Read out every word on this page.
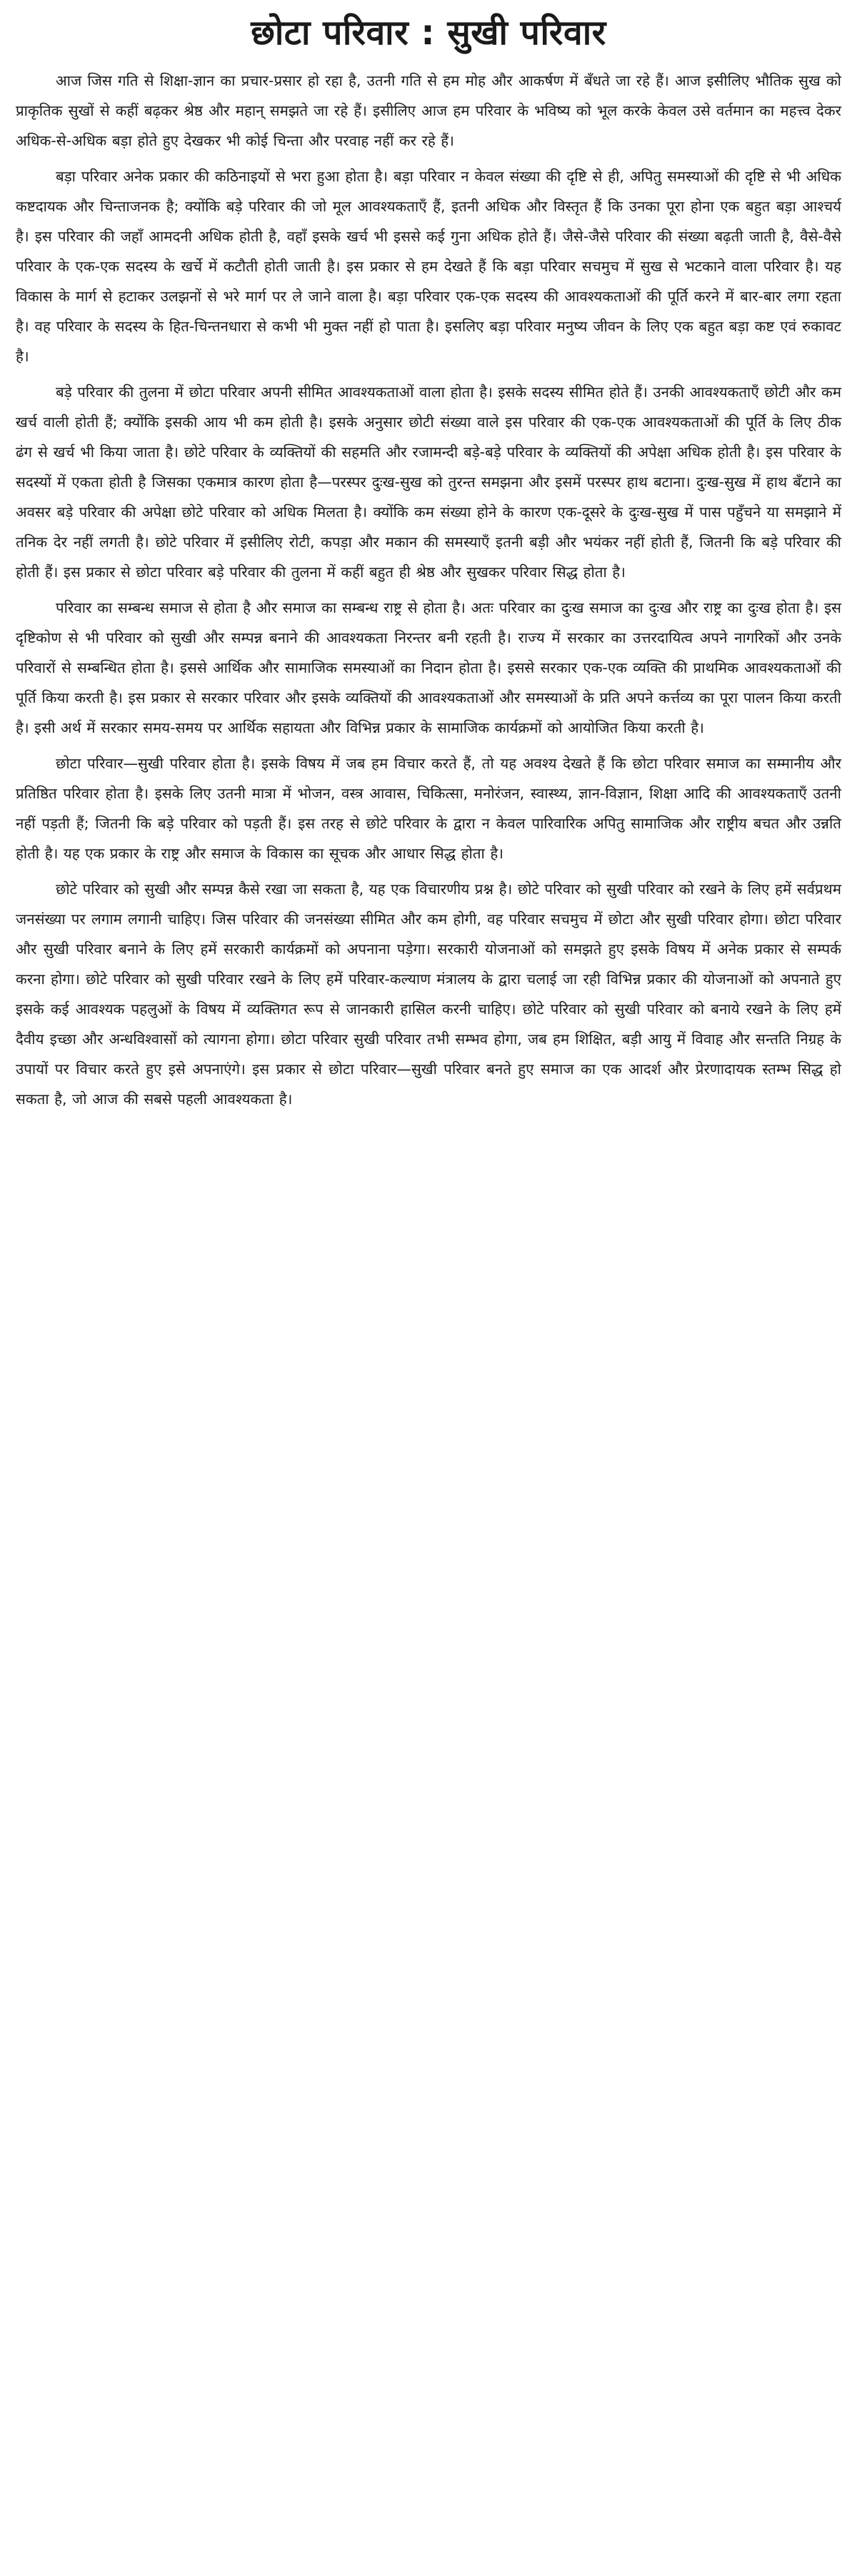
छोटा परिवार : सुखी परिवार

आज जिस गति से शिक्षा-ज्ञान का प्रचार-प्रसार हो रहा है, उतनी गति से हम मोह और आकर्षण में बँधते जा रहे हैं। आज इसीलिए भौतिक सुख को प्राकृतिक सुखों से कहीं बढ़कर श्रेष्ठ और महान् समझते जा रहे हैं। इसीलिए आज हम परिवार के भविष्य को भूल करके केवल उसे वर्तमान का महत्त्व देकर अधिक-से-अधिक बड़ा होते हुए देखकर भी कोई चिन्ता और परवाह नहीं कर रहे हैं।

बड़ा परिवार अनेक प्रकार की कठिनाइयों से भरा हुआ होता है। बड़ा परिवार न केवल संख्या की दृष्टि से ही, अपितु समस्याओं की दृष्टि से भी अधिक कष्टदायक और चिन्ताजनक है; क्योंकि बड़े परिवार की जो मूल आवश्यकताएँ हैं, इतनी अधिक और विस्तृत हैं कि उनका पूरा होना एक बहुत बड़ा आश्चर्य है। इस परिवार की जहाँ आमदनी अधिक होती है, वहाँ इसके खर्च भी इससे कई गुना अधिक होते हैं। जैसे-जैसे परिवार की संख्या बढ़ती जाती है, वैसे-वैसे परिवार के एक-एक सदस्य के खर्चे में कटौती होती जाती है। इस प्रकार से हम देखते हैं कि बड़ा परिवार सचमुच में सुख से भटकाने वाला परिवार है। यह विकास के मार्ग से हटाकर उलझनों से भरे मार्ग पर ले जाने वाला है। बड़ा परिवार एक-एक सदस्य की आवश्यकताओं की पूर्ति करने में बार-बार लगा रहता है। वह परिवार के सदस्य के हित-चिन्तनधारा से कभी भी मुक्त नहीं हो पाता है। इसलिए बड़ा परिवार मनुष्य जीवन के लिए एक बहुत बड़ा कष्ट एवं रुकावट है।

बड़े परिवार की तुलना में छोटा परिवार अपनी सीमित आवश्यकताओं वाला होता है। इसके सदस्य सीमित होते हैं। उनकी आवश्यकताएँ छोटी और कम खर्च वाली होती हैं; क्योंकि इसकी आय भी कम होती है। इसके अनुसार छोटी संख्या वाले इस परिवार की एक-एक आवश्यकताओं की पूर्ति के लिए ठीक ढंग से खर्च भी किया जाता है। छोटे परिवार के व्यक्तियों की सहमति और रजामन्दी बड़े-बड़े परिवार के व्यक्तियों की अपेक्षा अधिक होती है। इस परिवार के सदस्यों में एकता होती है जिसका एकमात्र कारण होता है—परस्पर दुःख-सुख को तुरन्त समझना और इसमें परस्पर हाथ बटाना। दुःख-सुख में हाथ बँटाने का अवसर बड़े परिवार की अपेक्षा छोटे परिवार को अधिक मिलता है। क्योंकि कम संख्या होने के कारण एक-दूसरे के दुःख-सुख में पास पहुँचने या समझाने में तनिक देर नहीं लगती है। छोटे परिवार में इसीलिए रोटी, कपड़ा और मकान की समस्याएँ इतनी बड़ी और भयंकर नहीं होती हैं, जितनी कि बड़े परिवार की होती हैं। इस प्रकार से छोटा परिवार बड़े परिवार की तुलना में कहीं बहुत ही श्रेष्ठ और सुखकर परिवार सिद्ध होता है।

परिवार का सम्बन्ध समाज से होता है और समाज का सम्बन्ध राष्ट्र से होता है। अतः परिवार का दुःख समाज का दुःख और राष्ट्र का दुःख होता है। इस दृष्टिकोण से भी परिवार को सुखी और सम्पन्न बनाने की आवश्यकता निरन्तर बनी रहती है। राज्य में सरकार का उत्तरदायित्व अपने नागरिकों और उनके परिवारों से सम्बन्धित होता है। इससे आर्थिक और सामाजिक समस्याओं का निदान होता है। इससे सरकार एक-एक व्यक्ति की प्राथमिक आवश्यकताओं की पूर्ति किया करती है। इस प्रकार से सरकार परिवार और इसके व्यक्तियों की आवश्यकताओं और समस्याओं के प्रति अपने कर्त्तव्य का पूरा पालन किया करती है। इसी अर्थ में सरकार समय-समय पर आर्थिक सहायता और विभिन्न प्रकार के सामाजिक कार्यक्रमों को आयोजित किया करती है।

छोटा परिवार—सुखी परिवार होता है। इसके विषय में जब हम विचार करते हैं, तो यह अवश्य देखते हैं कि छोटा परिवार समाज का सम्मानीय और प्रतिष्ठित परिवार होता है। इसके लिए उतनी मात्रा में भोजन, वस्त्र आवास, चिकित्सा, मनोरंजन, स्वास्थ्य, ज्ञान-विज्ञान, शिक्षा आदि की आवश्यकताएँ उतनी नहीं पड़ती हैं; जितनी कि बड़े परिवार को पड़ती हैं। इस तरह से छोटे परिवार के द्वारा न केवल पारिवारिक अपितु सामाजिक और राष्ट्रीय बचत और उन्नति होती है। यह एक प्रकार के राष्ट्र और समाज के विकास का सूचक और आधार सिद्ध होता है।

छोटे परिवार को सुखी और सम्पन्न कैसे रखा जा सकता है, यह एक विचारणीय प्रश्न है। छोटे परिवार को सुखी परिवार को रखने के लिए हमें सर्वप्रथम जनसंख्या पर लगाम लगानी चाहिए। जिस परिवार की जनसंख्या सीमित और कम होगी, वह परिवार सचमुच में छोटा और सुखी परिवार होगा। छोटा परिवार और सुखी परिवार बनाने के लिए हमें सरकारी कार्यक्रमों को अपनाना पड़ेगा। सरकारी योजनाओं को समझते हुए इसके विषय में अनेक प्रकार से सम्पर्क करना होगा। छोटे परिवार को सुखी परिवार रखने के लिए हमें परिवार-कल्याण मंत्रालय के द्वारा चलाई जा रही विभिन्न प्रकार की योजनाओं को अपनाते हुए इसके कई आवश्यक पहलुओं के विषय में व्यक्तिगत रूप से जानकारी हासिल करनी चाहिए। छोटे परिवार को सुखी परिवार को बनाये रखने के लिए हमें दैवीय इच्छा और अन्धविश्वासों को त्यागना होगा। छोटा परिवार सुखी परिवार तभी सम्भव होगा, जब हम शिक्षित, बड़ी आयु में विवाह और सन्तति निग्रह के उपायों पर विचार करते हुए इसे अपनाएंगे। इस प्रकार से छोटा परिवार—सुखी परिवार बनते हुए समाज का एक आदर्श और प्रेरणादायक स्तम्भ सिद्ध हो सकता है, जो आज की सबसे पहली आवश्यकता है।
